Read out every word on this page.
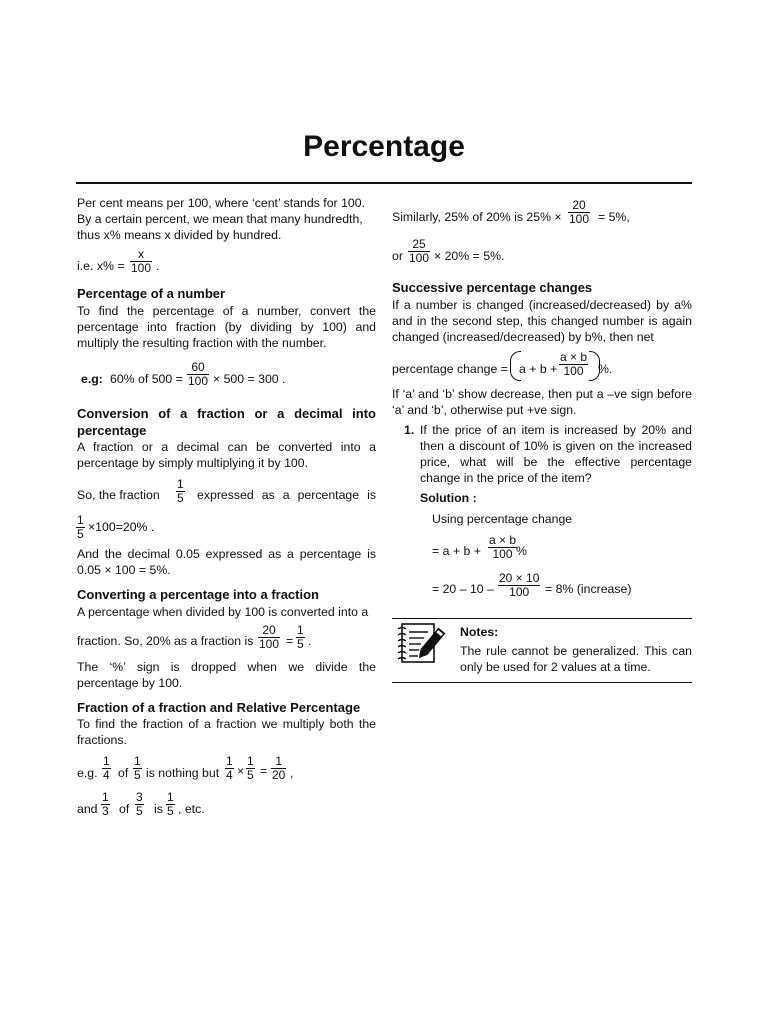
Percentage
Per cent means per 100, where ‘cent’ stands for 100.
By a certain percent, we mean that many hundredth,
thus x% means x divided by hundred.
i.e. $x\% = \frac{x}{100}$ .
Percentage of a number
To find the percentage of a number, convert the percentage into fraction (by dividing by 100) and multiply the resulting fraction with the number.
e.g: 60% of $500 = \frac{60}{100} \times 500 = 300$ .
Conversion of a fraction or a decimal into percentage
A fraction or a decimal can be converted into a percentage by simply multiplying it by 100.
So, the fraction $\frac{1}{5}$ expressed as a percentage is
$\frac{1}{5} \times 100=20\%$ .
And the decimal 0.05 expressed as a percentage is 0.05 × 100 = 5%.
Converting a percentage into a fraction
A percentage when divided by 100 is converted into a
fraction. So, 20% as a fraction is $\frac{20}{100} = \frac{1}{5}$ .
The ‘%’ sign is dropped when we divide the percentage by 100.
Fraction of a fraction and Relative Percentage
To find the fraction of a fraction we multiply both the fractions.
e.g. $\frac{1}{4}$ of $\frac{1}{5}$ is nothing but $\frac{1}{4} \times \frac{1}{5} = \frac{1}{20}$ ,
and $\frac{1}{3}$ of $\frac{3}{5}$ is $\frac{1}{5}$ , etc.
Similarly, 25% of 20% is $25\% \times \frac{20}{100} = 5\%$,
or $\frac{25}{100} \times 20\% = 5\%$.
Successive percentage changes
If a number is changed (increased/decreased) by a% and in the second step, this changed number is again changed (increased/decreased) by b%, then net
percentage change = $a + b + \frac{a \times b}{100}$ %.
If ‘a’ and ‘b’ show decrease, then put a –ve sign before ‘a’ and ‘b’, otherwise put +ve sign.
1. If the price of an item is increased by 20% and then a discount of 10% is given on the increased price, what will be the effective percentage change in the price of the item?
Solution :
Using percentage change
= $a + b + \frac{a \times b}{100}$
%
= $20 - 10 - \frac{20 \times 10}{100} = 8\%$ (increase)
Notes:
The rule cannot be generalized. This can only be used for 2 values at a time.
